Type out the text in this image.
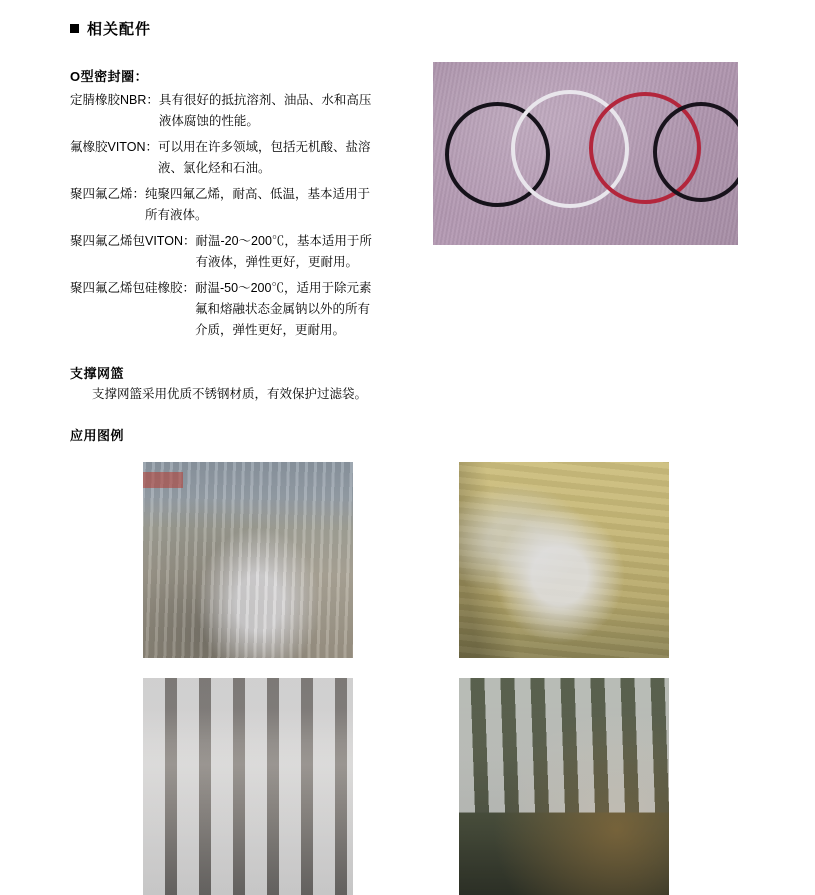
相关配件
O型密封圈：
定腈橡胶NBR： 具有很好的抵抗溶剂、油品、水和高压液体腐蚀的性能。
氟橡胶VITON： 可以用在许多领域，包括无机酸、盐溶液、氯化烃和石油。
聚四氟乙烯： 纯聚四氟乙烯，耐高、低温，基本适用于所有液体。
聚四氟乙烯包VITON： 耐温-20～200℃，基本适用于所有液体，弹性更好，更耐用。
聚四氟乙烯包硅橡胶： 耐温-50～200℃，适用于除元素氟和熔融状态金属钠以外的所有介质，弹性更好，更耐用。
支撑网篮
支撑网篮采用优质不锈钢材质，有效保护过滤袋。
应用图例
